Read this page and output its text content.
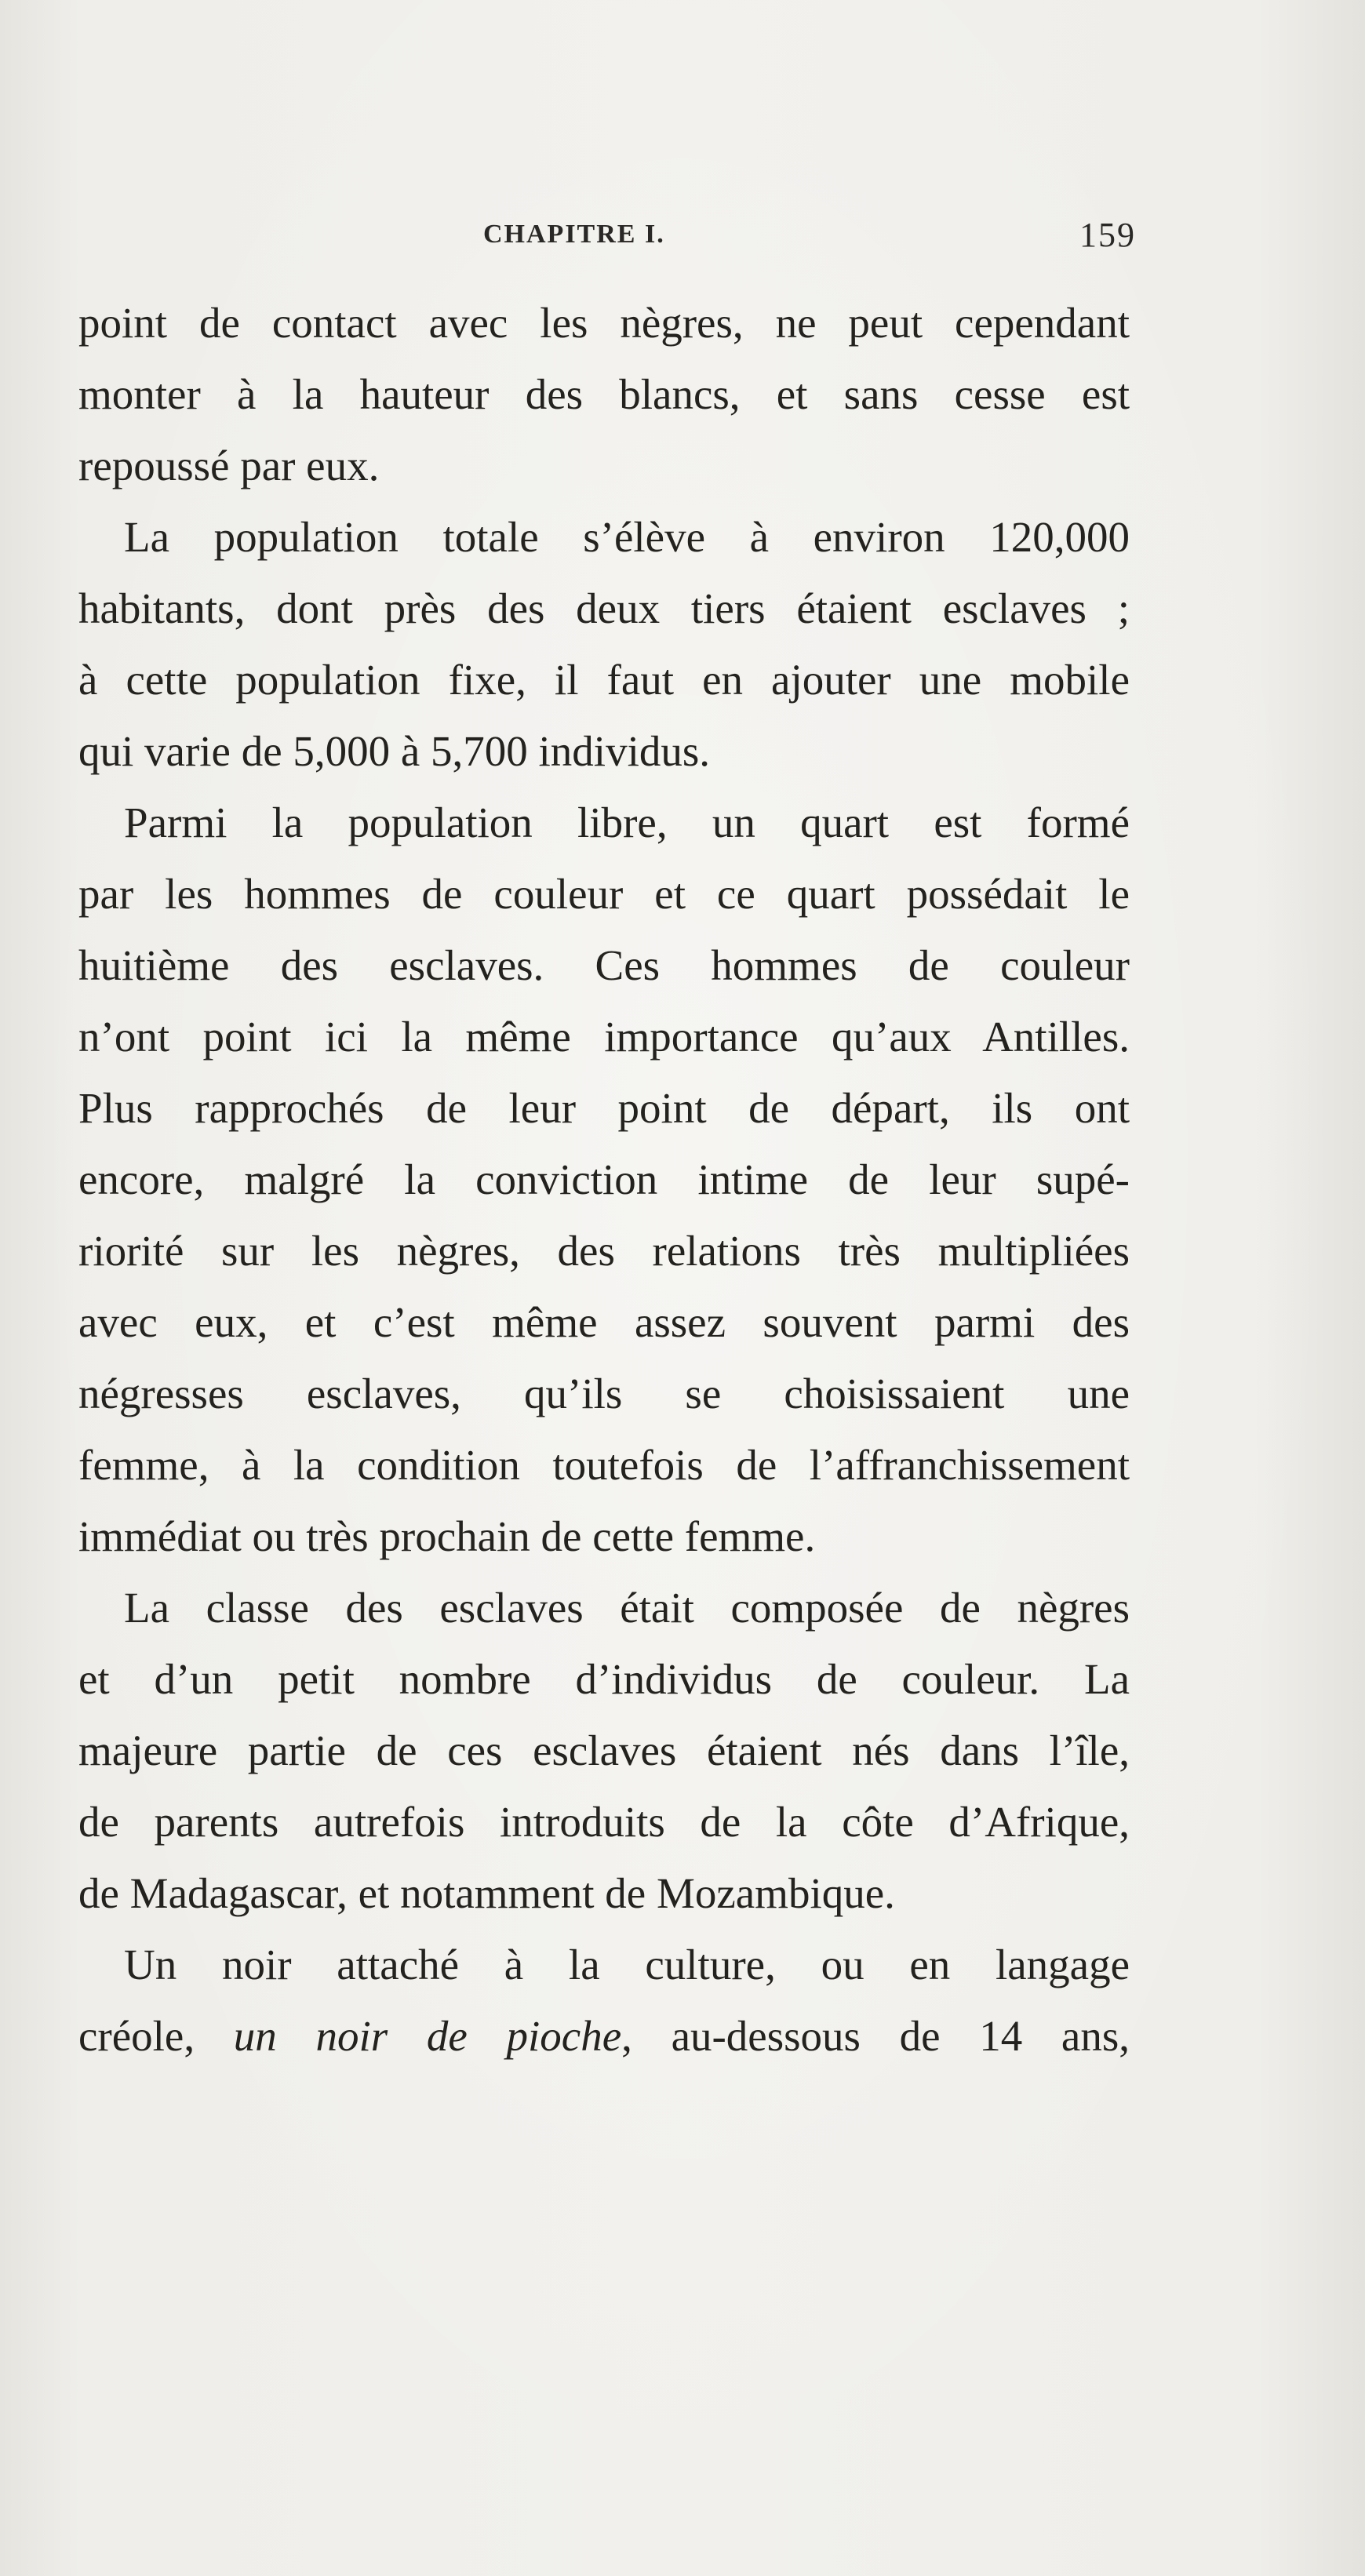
CHAPITRE I.	159

point de contact avec les nègres, ne peut cependant
monter à la hauteur des blancs, et sans cesse est
repoussé par eux.

La population totale s’élève à environ 120,000
habitants, dont près des deux tiers étaient esclaves ;
à cette population fixe, il faut en ajouter une mobile
qui varie de 5,000 à 5,700 individus.

Parmi la population libre, un quart est formé
par les hommes de couleur et ce quart possédait le
huitième des esclaves. Ces hommes de couleur
n’ont point ici la même importance qu’aux Antilles.
Plus rapprochés de leur point de départ, ils ont
encore, malgré la conviction intime de leur supé-
riorité sur les nègres, des relations très multipliées
avec eux, et c’est même assez souvent parmi des
négresses esclaves, qu’ils se choisissaient une
femme, à la condition toutefois de l’affranchissement
immédiat ou très prochain de cette femme.

La classe des esclaves était composée de nègres
et d’un petit nombre d’individus de couleur. La
majeure partie de ces esclaves étaient nés dans l’île,
de parents autrefois introduits de la côte d’Afrique,
de Madagascar, et notamment de Mozambique.

Un noir attaché à la culture, ou en langage
créole, un noir de pioche, au-dessous de 14 ans,
